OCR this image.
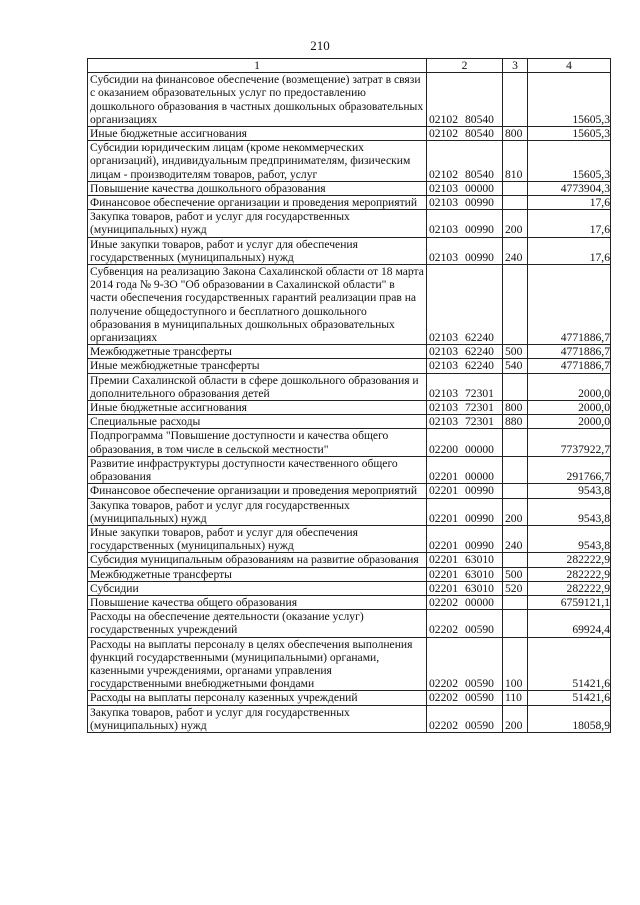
210
1	2	3	4
Субсидии на финансовое обеспечение (возмещение) затрат в связи с оказанием образовательных услуг по предоставлению дошкольного образования в частных дошкольных образовательных организациях	02102 80540		15605,3
Иные бюджетные ассигнования	02102 80540	800	15605,3
Субсидии юридическим лицам (кроме некоммерческих организаций), индивидуальным предпринимателям, физическим лицам - производителям товаров, работ, услуг	02102 80540	810	15605,3
Повышение качества дошкольного образования	02103 00000		4773904,3
Финансовое обеспечение организации и проведения мероприятий	02103 00990		17,6
Закупка товаров, работ и услуг для государственных (муниципальных) нужд	02103 00990	200	17,6
Иные закупки товаров, работ и услуг для обеспечения государственных (муниципальных) нужд	02103 00990	240	17,6
Субвенция на реализацию Закона Сахалинской области от 18 марта 2014 года № 9-ЗО "Об образовании в Сахалинской области" в части обеспечения государственных гарантий реализации прав на получение общедоступного и бесплатного дошкольного образования в муниципальных дошкольных образовательных организациях	02103 62240		4771886,7
Межбюджетные трансферты	02103 62240	500	4771886,7
Иные межбюджетные трансферты	02103 62240	540	4771886,7
Премии Сахалинской области в сфере дошкольного образования и дополнительного образования детей	02103 72301		2000,0
Иные бюджетные ассигнования	02103 72301	800	2000,0
Специальные расходы	02103 72301	880	2000,0
Подпрограмма "Повышение доступности и качества общего образования, в том числе в сельской местности"	02200 00000		7737922,7
Развитие инфраструктуры доступности качественного общего образования	02201 00000		291766,7
Финансовое обеспечение организации и проведения мероприятий	02201 00990		9543,8
Закупка товаров, работ и услуг для государственных (муниципальных) нужд	02201 00990	200	9543,8
Иные закупки товаров, работ и услуг для обеспечения государственных (муниципальных) нужд	02201 00990	240	9543,8
Субсидия муниципальным образованиям на развитие образования	02201 63010		282222,9
Межбюджетные трансферты	02201 63010	500	282222,9
Субсидии	02201 63010	520	282222,9
Повышение качества общего образования	02202 00000		6759121,1
Расходы на обеспечение деятельности (оказание услуг) государственных учреждений	02202 00590		69924,4
Расходы на выплаты персоналу в целях обеспечения выполнения функций государственными (муниципальными) органами, казенными учреждениями, органами управления государственными внебюджетными фондами	02202 00590	100	51421,6
Расходы на выплаты персоналу казенных учреждений	02202 00590	110	51421,6
Закупка товаров, работ и услуг для государственных (муниципальных) нужд	02202 00590	200	18058,9
